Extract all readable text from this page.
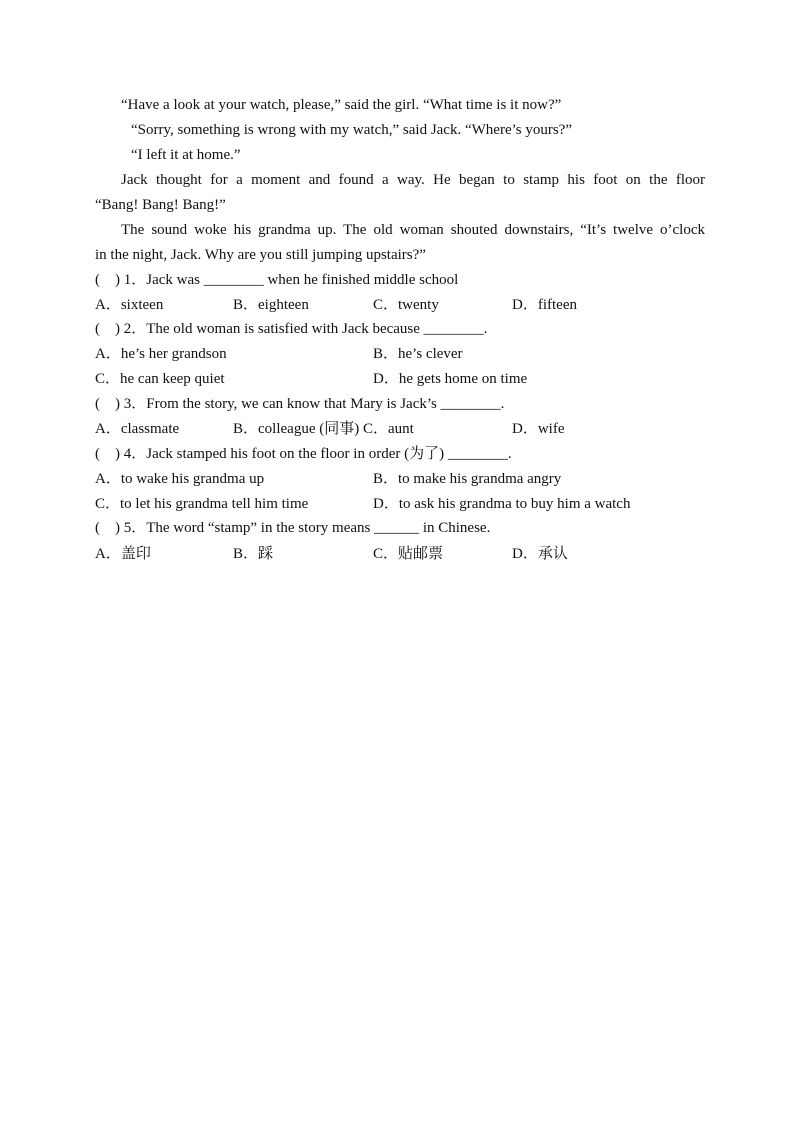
“Have a look at your watch, please,” said the girl. “What time is it now?”
“Sorry, something is wrong with my watch,” said Jack. “Where’s yours?”
“I left it at home.”
Jack thought for a moment and found a way. He began to stamp his foot on the floor
“Bang! Bang! Bang!”
The sound woke his grandma up. The old woman shouted downstairs, “It’s twelve o’clock
in the night, Jack. Why are you still jumping upstairs?”
(    ) 1．Jack was ________ when he finished middle school
A．sixteen	B．eighteen	C．twenty	D．fifteen
(    ) 2．The old woman is satisfied with Jack because ________.
A．he’s her grandson	B．he’s clever
C．he can keep quiet	D．he gets home on time
(    ) 3．From the story, we can know that Mary is Jack’s ________.
A．classmate	B．colleague (同事) C．aunt	D．wife
(    ) 4．Jack stamped his foot on the floor in order (为了) ________.
A．to wake his grandma up	B．to make his grandma angry
C．to let his grandma tell him time	D．to ask his grandma to buy him a watch
(    ) 5．The word “stamp” in the story means ______ in Chinese.
A．盖印	B．踩	C．贴邮票	D．承认
